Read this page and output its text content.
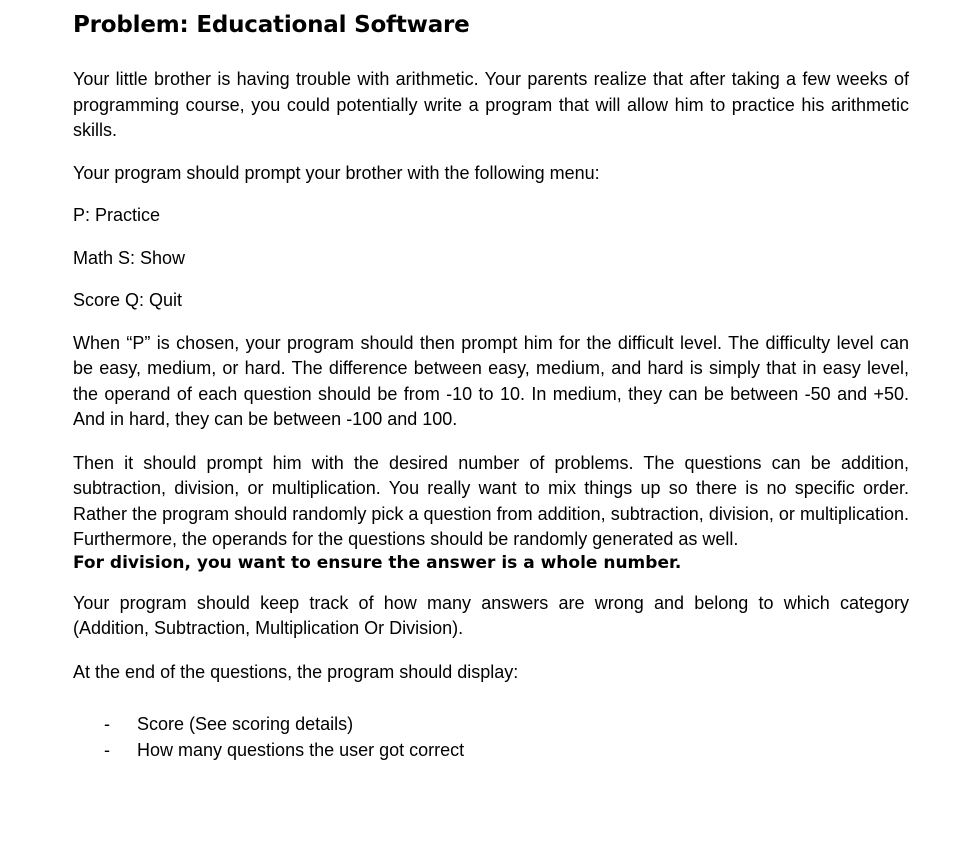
Problem: Educational Software

Your little brother is having trouble with arithmetic. Your parents realize that after taking a few weeks of programming course, you could potentially write a program that will allow him to practice his arithmetic skills.

Your program should prompt your brother with the following menu:

P: Practice

Math S: Show

Score Q: Quit

When “P” is chosen, your program should then prompt him for the difficult level. The difficulty level can be easy, medium, or hard. The difference between easy, medium, and hard is simply that in easy level, the operand of each question should be from -10 to 10. In medium, they can be between -50 and +50. And in hard, they can be between -100 and 100.

Then it should prompt him with the desired number of problems. The questions can be addition, subtraction, division, or multiplication. You really want to mix things up so there is no specific order. Rather the program should randomly pick a question from addition, subtraction, division, or multiplication. Furthermore, the operands for the questions should be randomly generated as well.

For division, you want to ensure the answer is a whole number.

Your program should keep track of how many answers are wrong and belong to which category (Addition, Subtraction, Multiplication Or Division).

At the end of the questions, the program should display:

- Score (See scoring details)
- How many questions the user got correct
